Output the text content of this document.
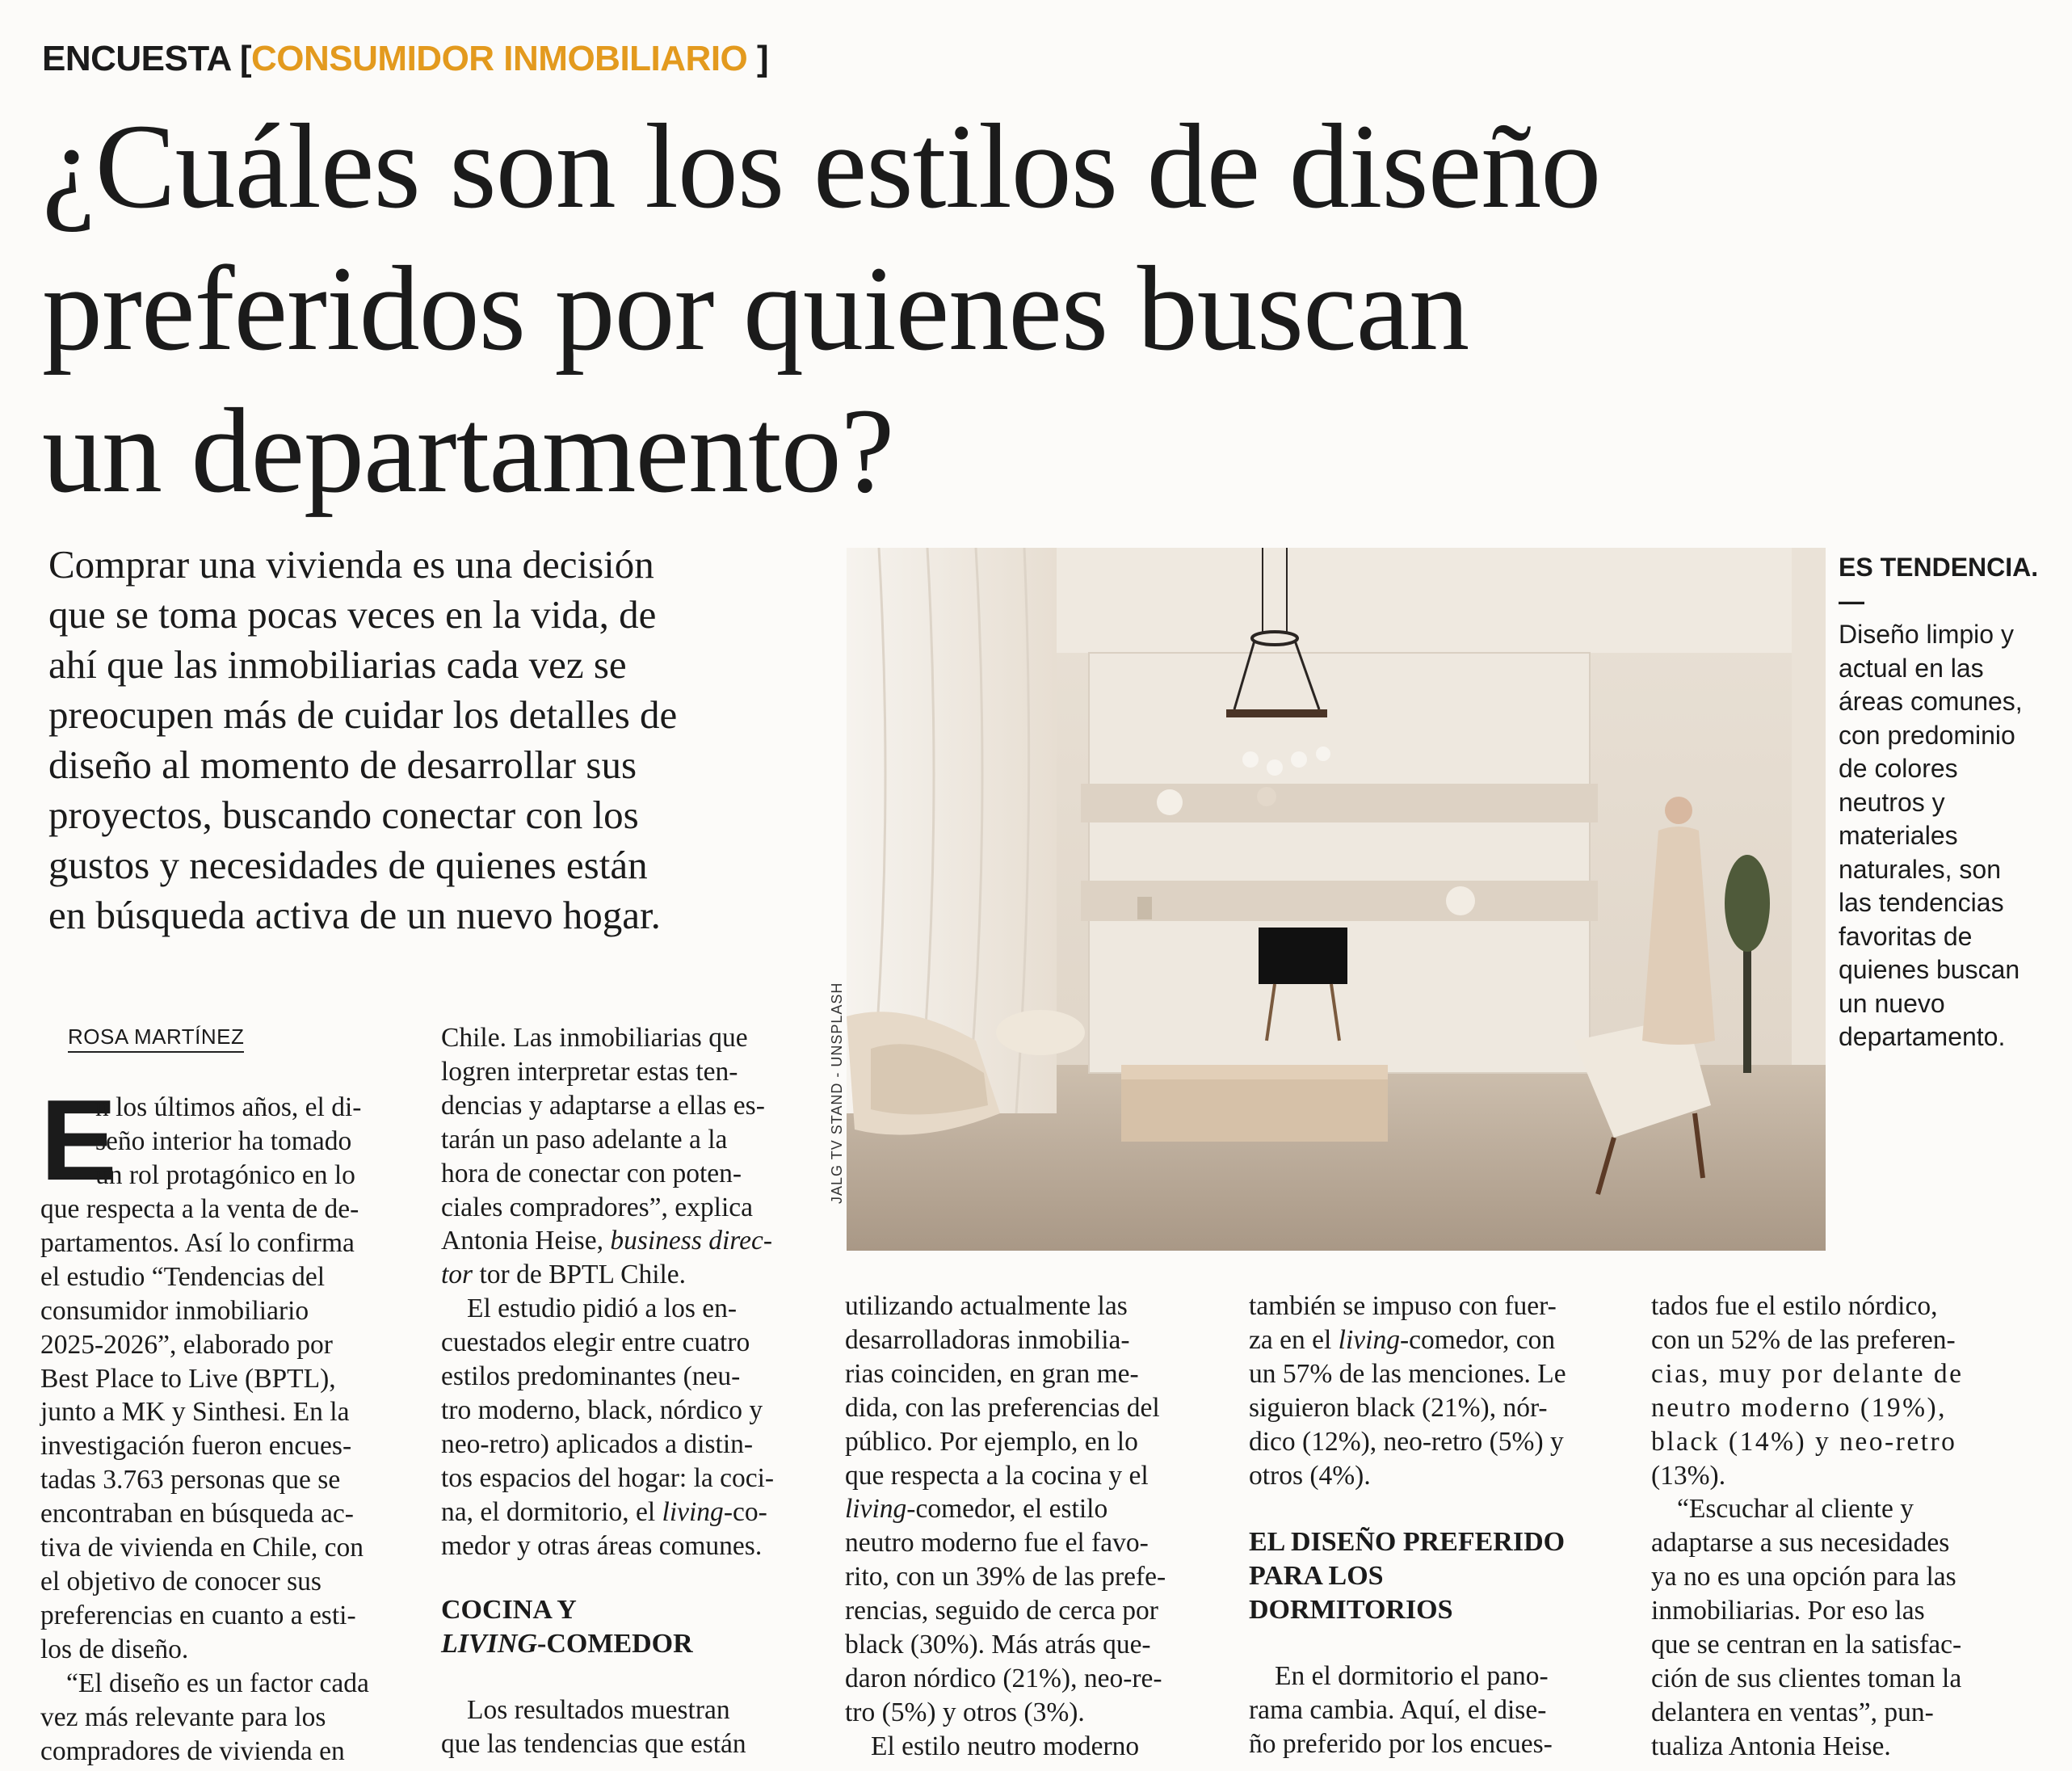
ENCUESTA [CONSUMIDOR INMOBILIARIO ]
¿Cuáles son los estilos de diseño
preferidos por quienes buscan
un departamento?

Comprar una vivienda es una decisión
que se toma pocas veces en la vida, de
ahí que las inmobiliarias cada vez se
preocupen más de cuidar los detalles de
diseño al momento de desarrollar sus
proyectos, buscando conectar con los
gustos y necesidades de quienes están
en búsqueda activa de un nuevo hogar.

JALG TV STAND - UNSPLASH
ES TENDENCIA.—
Diseño limpio y
actual en las
áreas comunes,
con predominio
de colores
neutros y
materiales
naturales, son
las tendencias
favoritas de
quienes buscan
un nuevo
departamento.
ROSA MARTÍNEZ
E
n los últimos años, el di-
seño interior ha tomado
un rol protagónico en lo
que respecta a la venta de de-
partamentos. Así lo confirma
el estudio “Tendencias del
consumidor inmobiliario
2025-2026”, elaborado por
Best Place to Live (BPTL),
junto a MK y Sinthesi. En la
investigación fueron encues-
tadas 3.763 personas que se
encontraban en búsqueda ac-
tiva de vivienda en Chile, con
el objetivo de conocer sus
preferencias en cuanto a esti-
los de diseño.
“El diseño es un factor cada
vez más relevante para los
compradores de vivienda en
Chile. Las inmobiliarias que
logren interpretar estas ten-
dencias y adaptarse a ellas es-
tarán un paso adelante a la
hora de conectar con poten-
ciales compradores”, explica
Antonia Heise, business direc-
tor tor de BPTL Chile.
El estudio pidió a los en-
cuestados elegir entre cuatro
estilos predominantes (neu-
tro moderno, black, nórdico y
neo-retro) aplicados a distin-
tos espacios del hogar: la coci-
na, el dormitorio, el living-co-
medor y otras áreas comunes.
COCINA Y
LIVING-COMEDOR
Los resultados muestran
que las tendencias que están
utilizando actualmente las
desarrolladoras inmobilia-
rias coinciden, en gran me-
dida, con las preferencias del
público. Por ejemplo, en lo
que respecta a la cocina y el
living-comedor, el estilo
neutro moderno fue el favo-
rito, con un 39% de las prefe-
rencias, seguido de cerca por
black (30%). Más atrás que-
daron nórdico (21%), neo-re-
tro (5%) y otros (3%).
El estilo neutro moderno
también se impuso con fuer-
za en el living-comedor, con
un 57% de las menciones. Le
siguieron black (21%), nór-
dico (12%), neo-retro (5%) y
otros (4%).
EL DISEÑO PREFERIDO
PARA LOS
DORMITORIOS
En el dormitorio el pano-
rama cambia. Aquí, el dise-
ño preferido por los encues-
tados fue el estilo nórdico,
con un 52% de las preferen-
cias, muy por delante de
neutro moderno (19%),
black (14%) y neo-retro
(13%).
“Escuchar al cliente y
adaptarse a sus necesidades
ya no es una opción para las
inmobiliarias. Por eso las
que se centran en la satisfac-
ción de sus clientes toman la
delantera en ventas”, pun-
tualiza Antonia Heise.
